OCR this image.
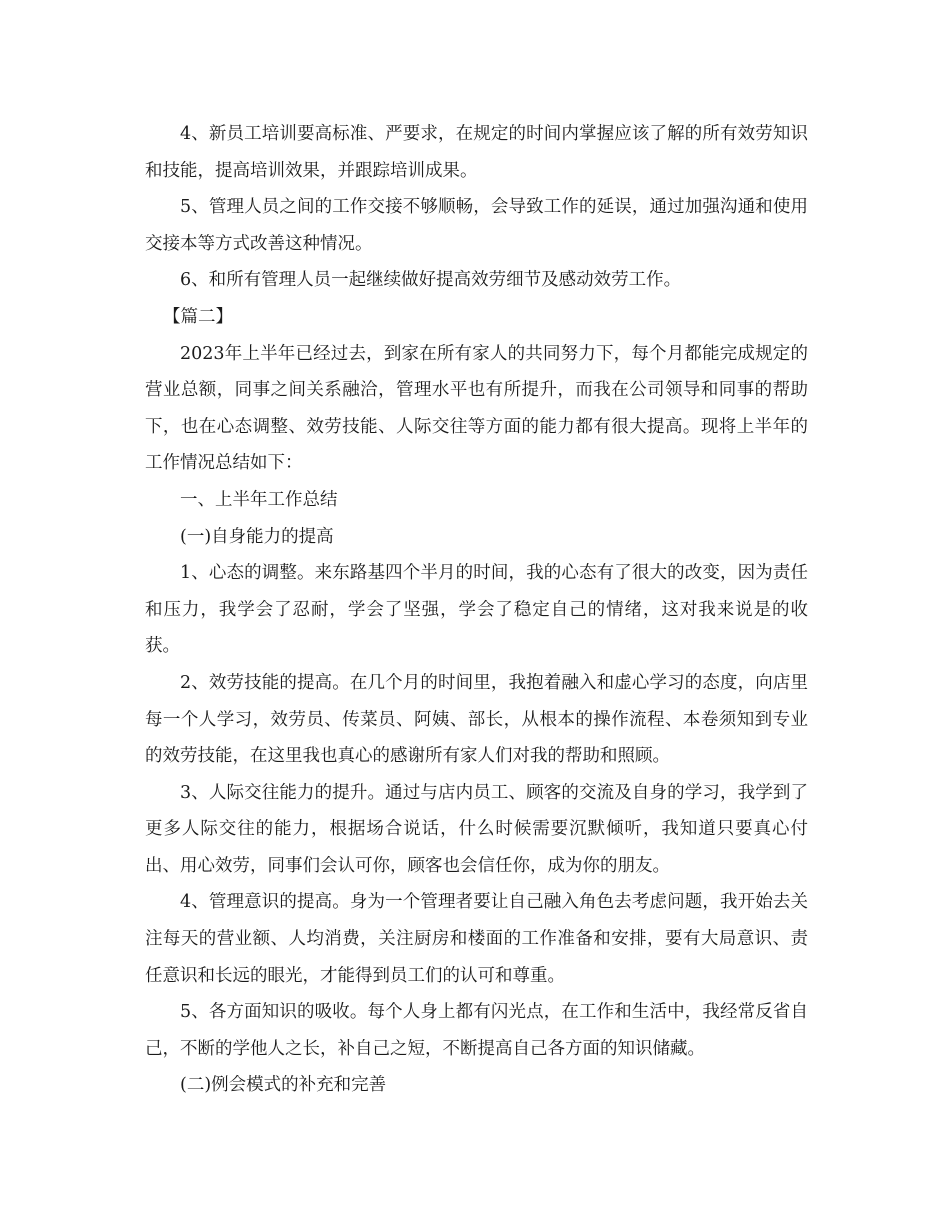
4、新员工培训要高标准、严要求，在规定的时间内掌握应该了解的所有效劳知识和技能，提高培训效果，并跟踪培训成果。

5、管理人员之间的工作交接不够顺畅，会导致工作的延误，通过加强沟通和使用交接本等方式改善这种情况。

6、和所有管理人员一起继续做好提高效劳细节及感动效劳工作。

【篇二】

2023年上半年已经过去，到家在所有家人的共同努力下，每个月都能完成规定的营业总额，同事之间关系融洽，管理水平也有所提升，而我在公司领导和同事的帮助下，也在心态调整、效劳技能、人际交往等方面的能力都有很大提高。现将上半年的工作情况总结如下：

一、上半年工作总结

(一)自身能力的提高

1、心态的调整。来东路基四个半月的时间，我的心态有了很大的改变，因为责任和压力，我学会了忍耐，学会了坚强，学会了稳定自己的情绪，这对我来说是的收获。

2、效劳技能的提高。在几个月的时间里，我抱着融入和虚心学习的态度，向店里每一个人学习，效劳员、传菜员、阿姨、部长，从根本的操作流程、本卷须知到专业的效劳技能，在这里我也真心的感谢所有家人们对我的帮助和照顾。

3、人际交往能力的提升。通过与店内员工、顾客的交流及自身的学习，我学到了更多人际交往的能力，根据场合说话，什么时候需要沉默倾听，我知道只要真心付出、用心效劳，同事们会认可你，顾客也会信任你，成为你的朋友。

4、管理意识的提高。身为一个管理者要让自己融入角色去考虑问题，我开始去关注每天的营业额、人均消费，关注厨房和楼面的工作准备和安排，要有大局意识、责任意识和长远的眼光，才能得到员工们的认可和尊重。

5、各方面知识的吸收。每个人身上都有闪光点，在工作和生活中，我经常反省自己，不断的学他人之长，补自己之短，不断提高自己各方面的知识储藏。

(二)例会模式的补充和完善
